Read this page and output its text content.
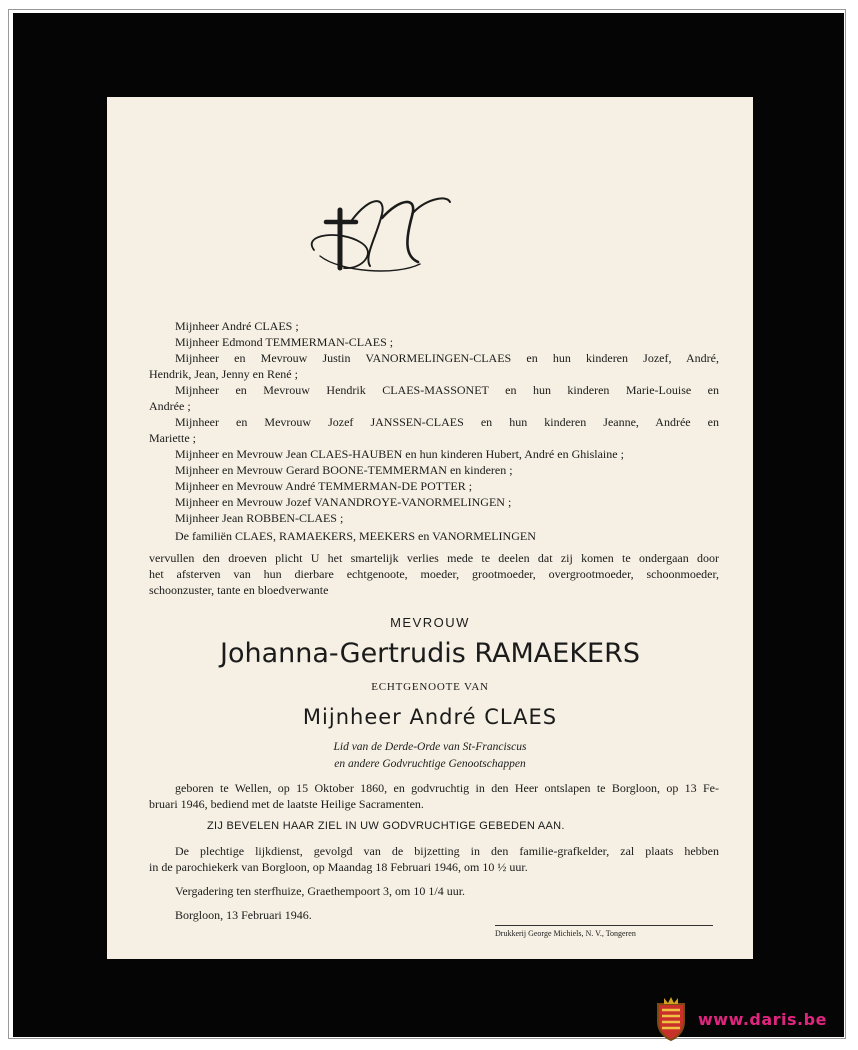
Mijnheer André CLAES ;
Mijnheer Edmond TEMMERMAN-CLAES ;
Mijnheer en Mevrouw Justin VANORMELINGEN-CLAES en hun kinderen Jozef, André,
Hendrik, Jean, Jenny en René ;
Mijnheer en Mevrouw Hendrik CLAES-MASSONET en hun kinderen Marie-Louise en
Andrée ;
Mijnheer en Mevrouw Jozef JANSSEN-CLAES en hun kinderen Jeanne, Andrée en
Mariette ;
Mijnheer en Mevrouw Jean CLAES-HAUBEN en hun kinderen Hubert, André en Ghislaine ;
Mijnheer en Mevrouw Gerard BOONE-TEMMERMAN en kinderen ;
Mijnheer en Mevrouw André TEMMERMAN-DE POTTER ;
Mijnheer en Mevrouw Jozef VANANDROYE-VANORMELINGEN ;
Mijnheer Jean ROBBEN-CLAES ;
De familiën CLAES, RAMAEKERS, MEEKERS en VANORMELINGEN
vervullen den droeven plicht U het smartelijk verlies mede te deelen dat zij komen te ondergaan door
het afsterven van hun dierbare echtgenoote, moeder, grootmoeder, overgrootmoeder, schoonmoeder,
schoonzuster, tante en bloedverwante
MEVROUW
Johanna-Gertrudis RAMAEKERS
ECHTGENOOTE VAN
Mijnheer André CLAES
Lid van de Derde-Orde van St-Franciscus
en andere Godvruchtige Genootschappen
geboren te Wellen, op 15 Oktober 1860, en godvruchtig in den Heer ontslapen te Borgloon, op 13 Fe-
bruari 1946, bediend met de laatste Heilige Sacramenten.
ZIJ BEVELEN HAAR ZIEL IN UW GODVRUCHTIGE GEBEDEN AAN.
De plechtige lijkdienst, gevolgd van de bijzetting in den familie-grafkelder, zal plaats hebben
in de parochiekerk van Borgloon, op Maandag 18 Februari 1946, om 10 ½ uur.
Vergadering ten sterfhuize, Graethempoort 3, om 10 1/4 uur.
Borgloon, 13 Februari 1946.
Drukkerij George Michiels, N. V., Tongeren
www.daris.be
